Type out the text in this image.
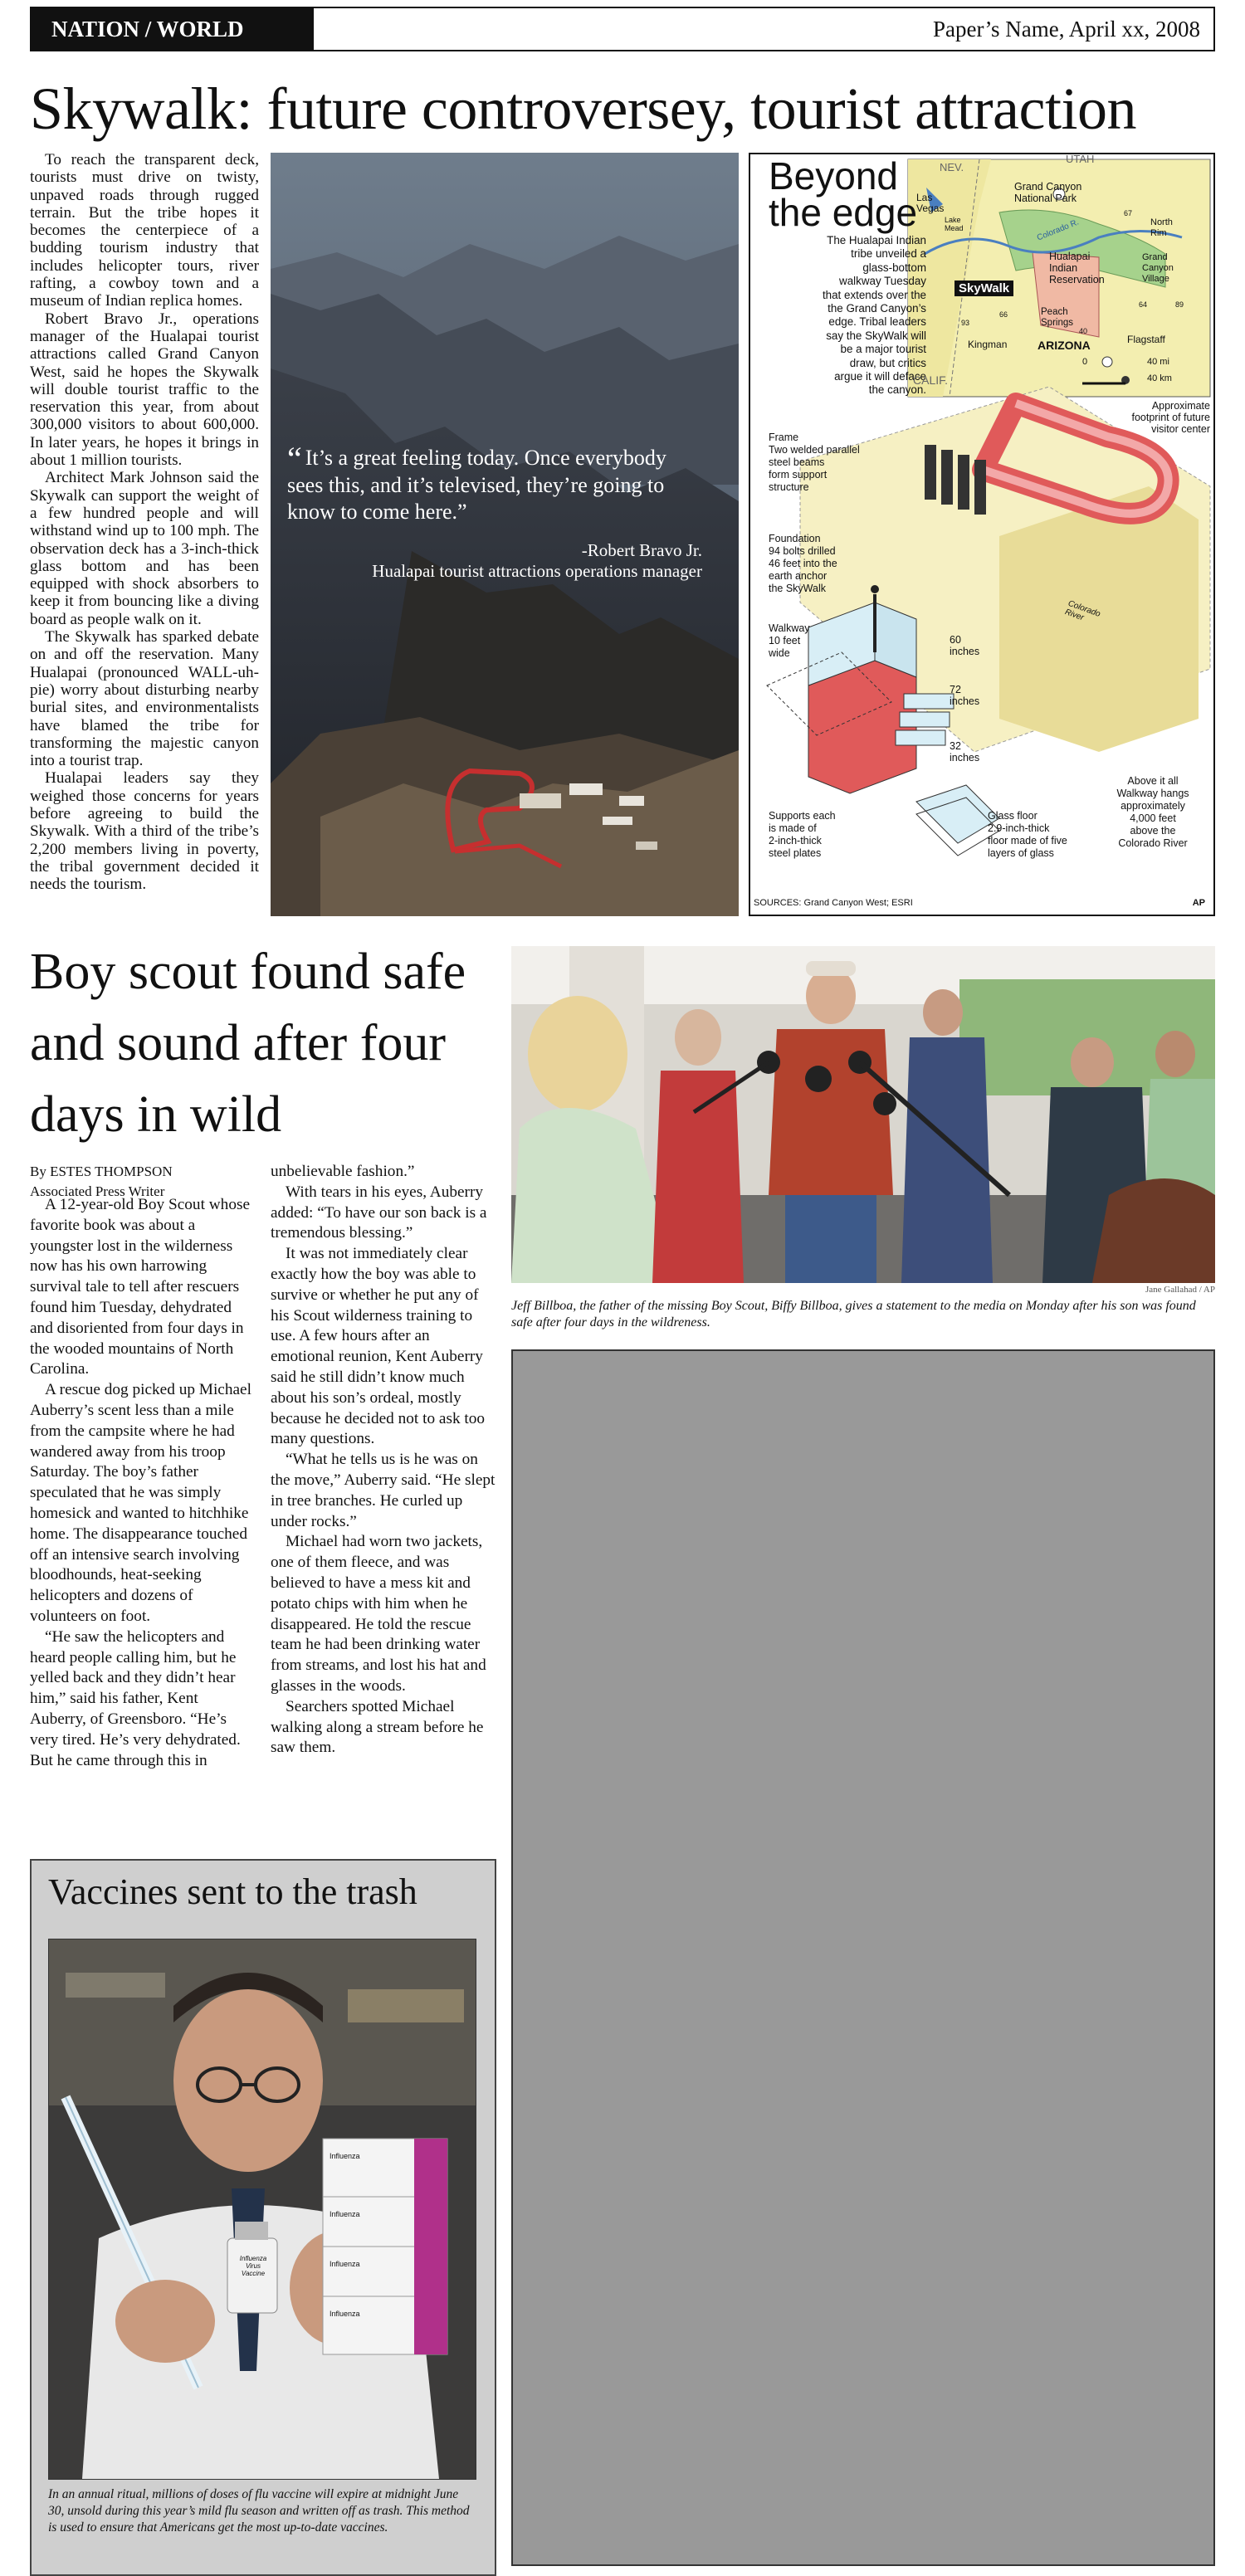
NATION / WORLD	Paper’s Name, April xx, 2008
Skywalk: future controversey, tourist attraction

To reach the transparent deck, tourists must drive on twisty, unpaved roads through rugged terrain. But the tribe hopes it becomes the centerpiece of a budding tourism industry that includes helicopter tours, river rafting, a cowboy town and a museum of Indian replica homes.

Robert Bravo Jr., operations manager of the Hualapai tourist attractions called Grand Canyon West, said he hopes the Skywalk will double tourist traffic to the reservation this year, from about 300,000 visitors to about 600,000. In later years, he hopes it brings in about 1 million tourists.

Architect Mark Johnson said the Skywalk can support the weight of a few hundred people and will withstand wind up to 100 mph. The observation deck has a 3-inch-thick glass bottom and has been equipped with shock absorbers to keep it from bouncing like a diving board as people walk on it.

The Skywalk has sparked debate on and off the reservation. Many Hualapai (pronounced WALL-uh-pie) worry about disturbing nearby burial sites, and environmentalists have blamed the tribe for transforming the majestic canyon into a tourist trap.

Hualapai leaders say they weighed those concerns for years before agreeing to build the Skywalk. With a third of the tribe’s 2,200 members living in poverty, the tribal government decided it needs the tourism.

“ It’s a great feeling today. Once everybody sees this, and it’s televised, they’re going to know to come here.”
-Robert Bravo Jr.
Hualapai tourist attractions operations manager
Beyond
the edge
The Hualapai Indian
tribe unveiled a
glass-bottom
walkway Tuesday
that extends over the
the Grand Canyon’s
edge. Tribal leaders
say the SkyWalk will
be a major tourist
draw, but critics
argue it will deface
the canyon.
NEV.
UTAH
Las
Vegas
Lake
Mead
Grand Canyon
National Park
North
Rim
Colorado R.
Hualapai
Indian
Reservation
Grand
Canyon
Village
SkyWalk
Peach
Springs
Kingman	ARIZONA	Flagstaff
CALIF.
40 mi
40 km
0
66
40
67
64	89
93
Approximate
footprint of future
visitor center
Frame
Two welded parallel
steel beams
form support
structure
Foundation
94 bolts drilled
46 feet into the
earth anchor
the SkyWalk
Walkway
10 feet
wide
60
inches
72
inches
32
inches
Supports each
is made of
2-inch-thick
steel plates
Glass floor
2.9-inch-thick
floor made of five
layers of glass
Above it all
Walkway hangs
approximately
4,000 feet
above the
Colorado River
Colorado
River
SOURCES: Grand Canyon West; ESRI	AP
Boy scout found safe and sound after four days in wild
By ESTES THOMPSON
Associated Press Writer

A 12-year-old Boy Scout whose favorite book was about a youngster lost in the wilderness now has his own harrowing survival tale to tell after rescuers found him Tuesday, dehydrated and disoriented from four days in the wooded mountains of North Carolina.

A rescue dog picked up Michael Auberry’s scent less than a mile from the campsite where he had wandered away from his troop Saturday. The boy’s father speculated that he was simply homesick and wanted to hitchhike home. The disappearance touched off an intensive search involving bloodhounds, heat-seeking helicopters and dozens of volunteers on foot.

“He saw the helicopters and heard people calling him, but he yelled back and they didn’t hear him,” said his father, Kent Auberry, of Greensboro. “He’s very tired. He’s very dehydrated. But he came through this in

unbelievable fashion.”

With tears in his eyes, Auberry added: “To have our son back is a tremendous blessing.”

It was not immediately clear exactly how the boy was able to survive or whether he put any of his Scout wilderness training to use. A few hours after an emotional reunion, Kent Auberry said he still didn’t know much about his son’s ordeal, mostly because he decided not to ask too many questions.

“What he tells us is he was on the move,” Auberry said. “He slept in tree branches. He curled up under rocks.”

Michael had worn two jackets, one of them fleece, and was believed to have a mess kit and potato chips with him when he disappeared. He told the rescue team he had been drinking water from streams, and lost his hat and glasses in the woods.

Searchers spotted Michael walking along a stream before he saw them.

Jane Gallahad / AP
Jeff Billboa, the father of the missing Boy Scout, Biffy Billboa, gives a statement to the media on Monday after his son was found safe after four days in the wildreness.
Vaccines sent to the trash
Influenza
Virus
Vaccine
Influenza
Influenza
Influenza
Influenza
In an annual ritual, millions of doses of flu vaccine will expire at midnight June 30, unsold during this year’s mild flu season and written off as trash. This method is used to ensure that Americans get the most up-to-date vaccines.
